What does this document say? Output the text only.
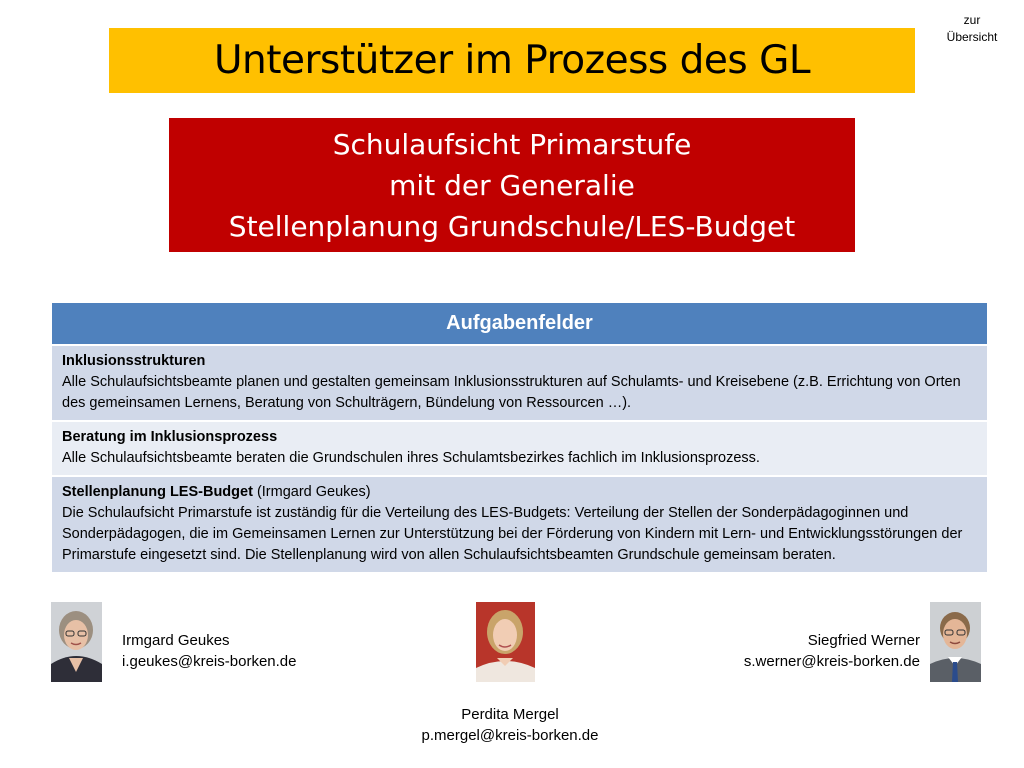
zur
Übersicht
Unterstützer im Prozess des GL
Schulaufsicht Primarstufe
mit der Generalie
Stellenplanung Grundschule/LES-Budget
Aufgabenfelder
Inklusionsstrukturen
Alle Schulaufsichtsbeamte planen und gestalten gemeinsam Inklusionsstrukturen auf Schulamts- und Kreisebene (z.B. Errichtung von Orten des gemeinsamen Lernens, Beratung von Schulträgern, Bündelung von Ressourcen …).
Beratung im Inklusionsprozess
Alle Schulaufsichtsbeamte beraten die Grundschulen ihres Schulamtsbezirkes fachlich im Inklusionsprozess.
Stellenplanung LES-Budget (Irmgard Geukes)
Die Schulaufsicht Primarstufe ist zuständig für die Verteilung des LES-Budgets: Verteilung der Stellen der Sonderpädagoginnen und Sonderpädagogen, die im Gemeinsamen Lernen zur Unterstützung bei der Förderung von Kindern mit Lern- und Entwicklungsstörungen der Primarstufe eingesetzt sind. Die Stellenplanung wird von allen Schulaufsichtsbeamten Grundschule gemeinsam beraten.
Irmgard Geukes
i.geukes@kreis-borken.de
Perdita Mergel
p.mergel@kreis-borken.de
Siegfried Werner
s.werner@kreis-borken.de
